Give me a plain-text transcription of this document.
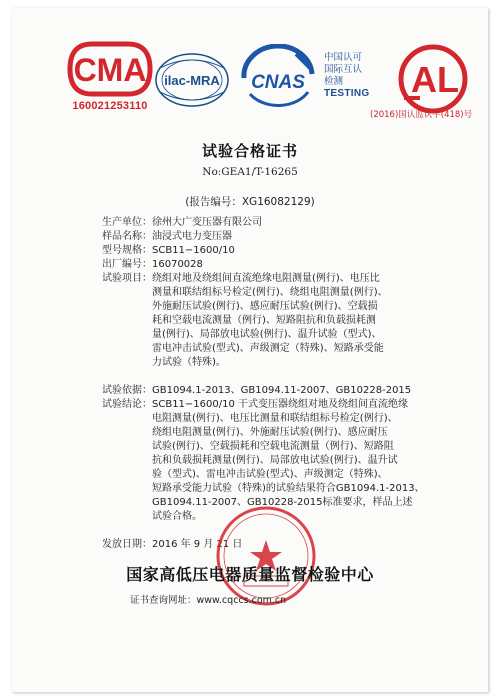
CMA
160021253110
ilac-MRA	CNAS
中国认可
国际互认
检测
TESTING	AL
(2016)国认监认字(418)号
试验合格证书
No:GEA1/T-16265
(报告编号：XG16082129)
生产单位： 徐州大广变压器有限公司
样品名称： 油浸式电力变压器
型号规格： SCB11−1600/10
出厂编号： 16070028
试验项目： 绕组对地及绕组间直流绝缘电阻测量(例行)、电压比
测量和联结组标号检定(例行)、绕组电阻测量(例行)、
外施耐压试验(例行)、感应耐压试验(例行)、空载损
耗和空载电流测量（例行)、短路阻抗和负载损耗测
量(例行)、局部放电试验(例行)、温升试验（型式)、
雷电冲击试验(型式)、声级测定（特殊)、短路承受能
力试验（特殊)。
试验依据： GB1094.1-2013、GB1094.11-2007、GB10228-2015
试验结论： SCB11−1600/10 干式变压器绕组对地及绕组间直流绝缘
电阻测量(例行)、电压比测量和联结组标号检定(例行)、
绕组电阻测量(例行)、外施耐压试验(例行)、感应耐压
试验(例行)、空载损耗和空载电流测量（例行)、短路阻
抗和负载损耗测量(例行)、局部放电试验(例行)、温升试
验（型式)、雷电冲击试验(型式)、声级测定（特殊)、
短路承受能力试验（特殊)的试验结果符合GB1094.1-2013、
GB1094.11-2007、GB10228-2015标准要求，样品上述
试验合格。
发放日期： 2016 年 9 月 21 日
国家高低压电器质量监督检验中心
证书查询网址：www.cqccs.com.cn
